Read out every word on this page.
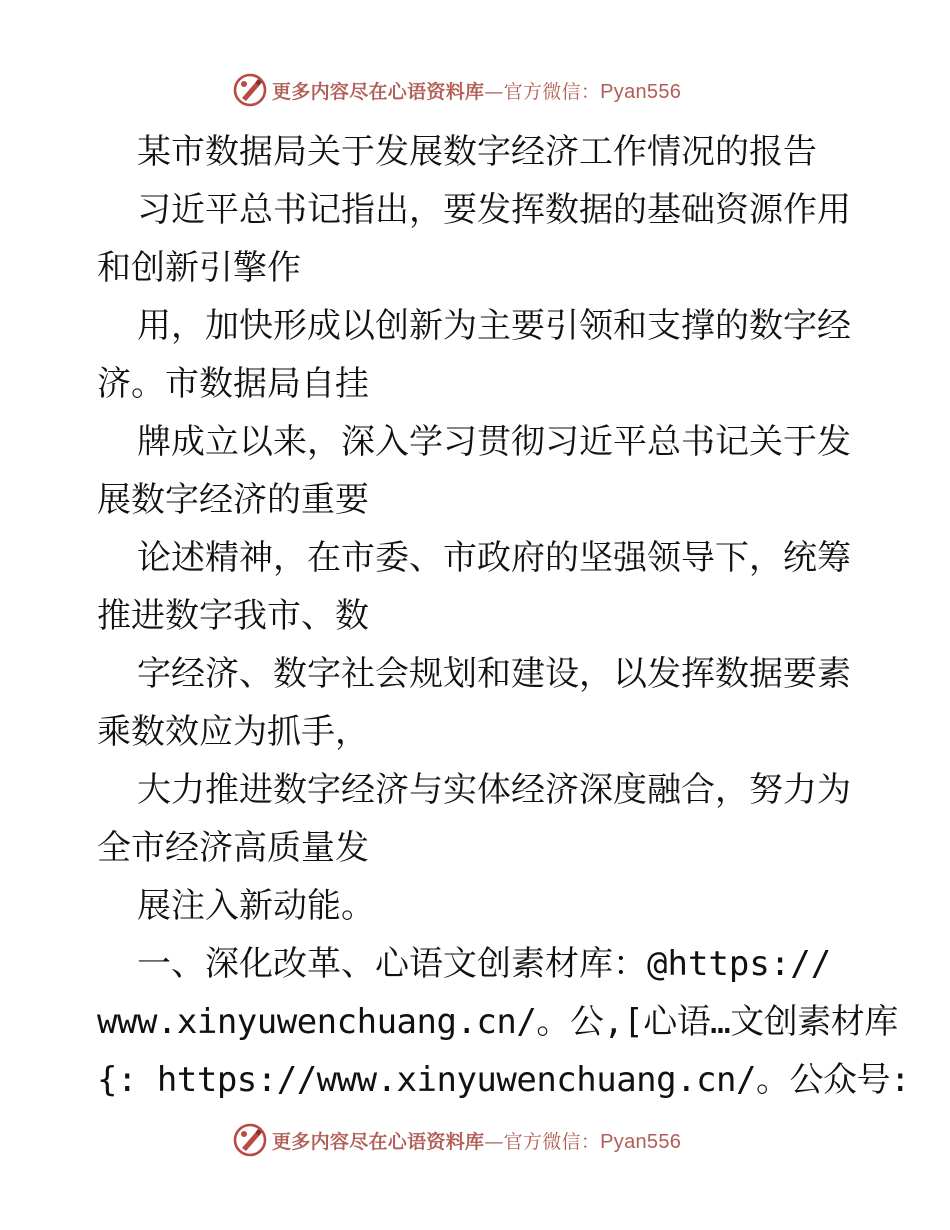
更多内容尽在心语资料库—官方微信：Pyan556

某市数据局关于发展数字经济工作情况的报告

习近平总书记指出，要发挥数据的基础资源作用

和创新引擎作

用，加快形成以创新为主要引领和支撑的数字经

济。市数据局自挂

牌成立以来，深入学习贯彻习近平总书记关于发

展数字经济的重要

论述精神，在市委、市政府的坚强领导下，统筹

推进数字我市、数

字经济、数字社会规划和建设，以发挥数据要素

乘数效应为抓手，

大力推进数字经济与实体经济深度融合，努力为

全市经济高质量发

展注入新动能。

一、深化改革、心语文创素材库：@https://

www.xinyuwenchuang.cn/。公,[心语…文创素材库

{: https://www.xinyuwenchuang.cn/。公众号:

更多内容尽在心语资料库—官方微信：Pyan556
